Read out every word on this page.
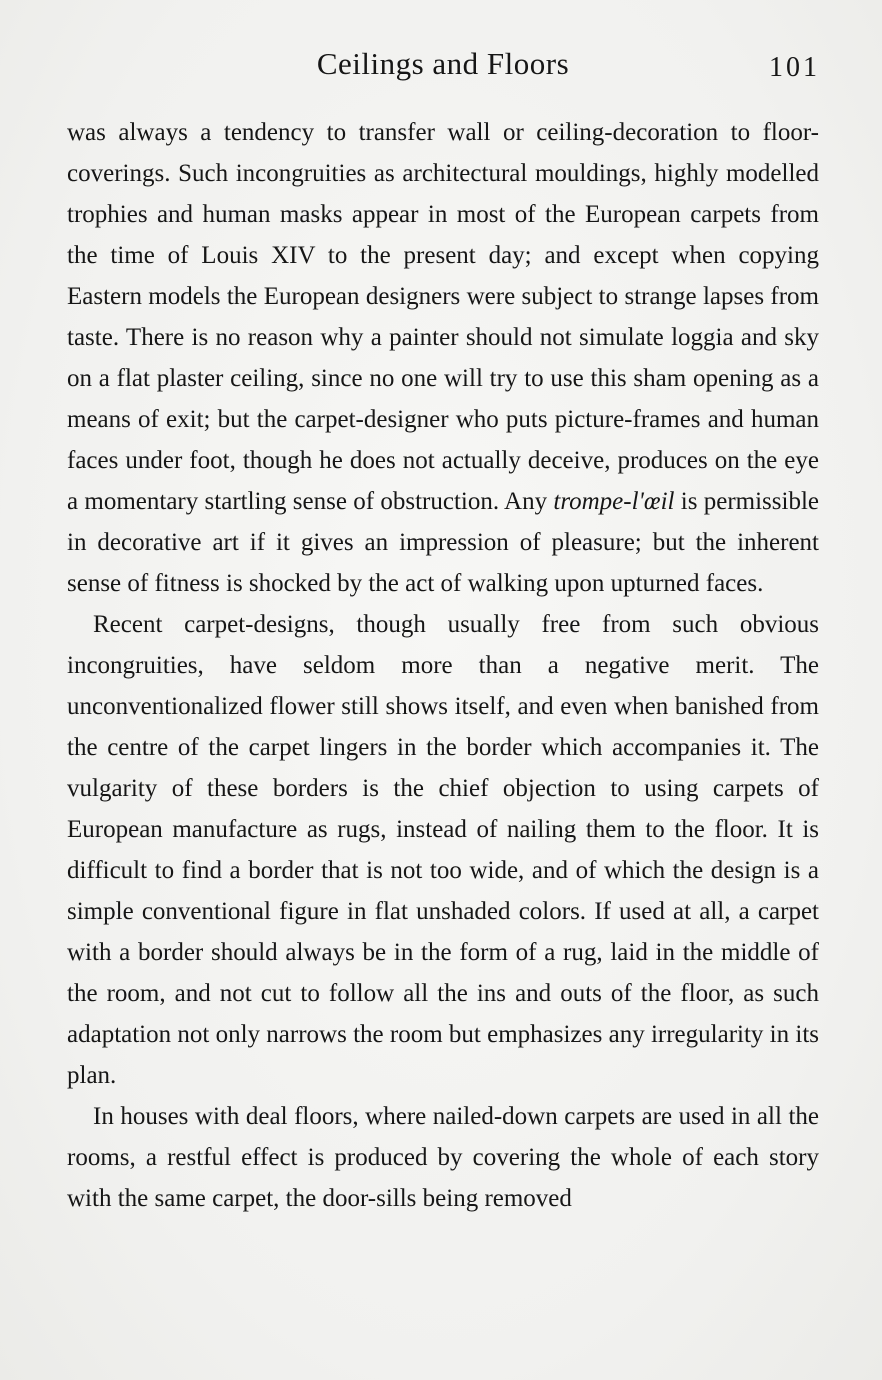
Ceilings and Floors	101

was always a tendency to transfer wall or ceiling-decoration to floor-coverings. Such incongruities as architectural mouldings, highly modelled trophies and human masks appear in most of the European carpets from the time of Louis XIV to the present day; and except when copying Eastern models the European designers were subject to strange lapses from taste. There is no reason why a painter should not simulate loggia and sky on a flat plaster ceiling, since no one will try to use this sham opening as a means of exit; but the carpet-designer who puts picture-frames and human faces under foot, though he does not actually deceive, produces on the eye a momentary startling sense of obstruction. Any trompe-l'œil is permissible in decorative art if it gives an impression of pleasure; but the inherent sense of fitness is shocked by the act of walking upon upturned faces.

Recent carpet-designs, though usually free from such obvious incongruities, have seldom more than a negative merit. The unconventionalized flower still shows itself, and even when banished from the centre of the carpet lingers in the border which accompanies it. The vulgarity of these borders is the chief objection to using carpets of European manufacture as rugs, instead of nailing them to the floor. It is difficult to find a border that is not too wide, and of which the design is a simple conventional figure in flat unshaded colors. If used at all, a carpet with a border should always be in the form of a rug, laid in the middle of the room, and not cut to follow all the ins and outs of the floor, as such adaptation not only narrows the room but emphasizes any irregularity in its plan.

In houses with deal floors, where nailed-down carpets are used in all the rooms, a restful effect is produced by covering the whole of each story with the same carpet, the door-sills being removed
